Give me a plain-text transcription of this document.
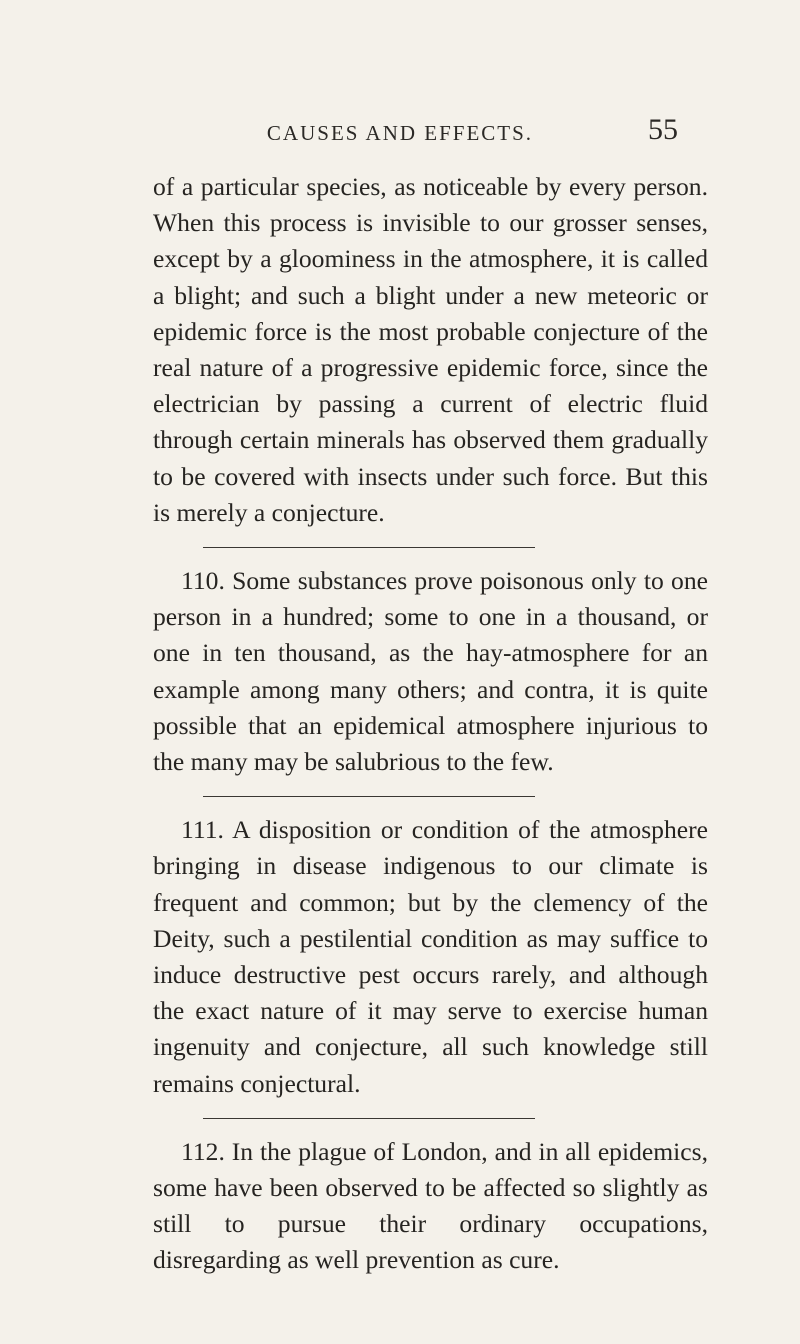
CAUSES AND EFFECTS.	55

of a particular species, as noticeable by every person. When this process is invisible to our grosser senses, except by a gloominess in the atmosphere, it is called a blight; and such a blight under a new meteoric or epidemic force is the most probable conjecture of the real nature of a progressive epidemic force, since the electrician by passing a current of electric fluid through certain minerals has observed them gradually to be covered with insects under such force. But this is merely a conjecture.

110. Some substances prove poisonous only to one person in a hundred; some to one in a thousand, or one in ten thousand, as the hay-atmosphere for an example among many others; and contra, it is quite possible that an epidemical atmosphere injurious to the many may be salubrious to the few.

111. A disposition or condition of the atmosphere bringing in disease indigenous to our climate is frequent and common; but by the clemency of the Deity, such a pestilential condition as may suffice to induce destructive pest occurs rarely, and although the exact nature of it may serve to exercise human ingenuity and conjecture, all such knowledge still remains conjectural.

112. In the plague of London, and in all epidemics, some have been observed to be affected so slightly as still to pursue their ordinary occupations, disregarding as well prevention as cure.
